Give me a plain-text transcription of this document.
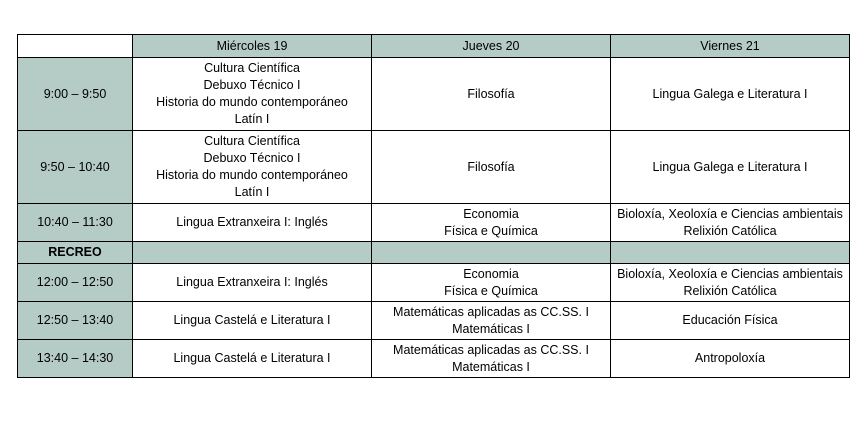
	Miércoles 19	Jueves 20	Viernes 21
9:00 – 9:50	Cultura Científica
Debuxo Técnico I
Historia do mundo contemporáneo
Latín I	Filosofía	Lingua Galega e Literatura I

9:50 – 10:40	Cultura Científica
Debuxo Técnico I
Historia do mundo contemporáneo
Latín I	Filosofía	Lingua Galega e Literatura I

10:40 – 11:30	Lingua Extranxeira I: Inglés	Economia
Física e Química	Bioloxía, Xeoloxía e Ciencias ambientais
Relixión Católica

RECREO			
12:00 – 12:50	Lingua Extranxeira I: Inglés	Economia
Física e Química	Bioloxía, Xeoloxía e Ciencias ambientais
Relixión Católica

12:50 – 13:40	Lingua Castelá e Literatura I	Matemáticas aplicadas as CC.SS. I
Matemáticas I	Educación Física

13:40 – 14:30	Lingua Castelá e Literatura I	Matemáticas aplicadas as CC.SS. I
Matemáticas I	Antropoloxía
